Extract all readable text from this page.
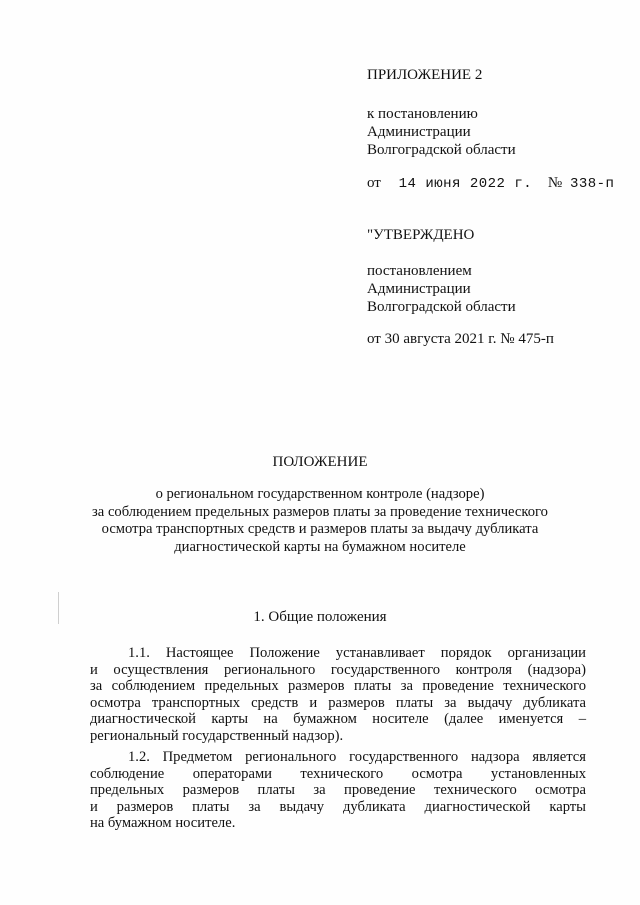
ПРИЛОЖЕНИЕ 2
к постановлению
Администрации
Волгоградской области
от 14 июня 2022 г. № 338-п
"УТВЕРЖДЕНО
постановлением
Администрации
Волгоградской области
от 30 августа 2021 г. № 475-п
ПОЛОЖЕНИЕ
о региональном государственном контроле (надзоре)
за соблюдением предельных размеров платы за проведение технического
осмотра транспортных средств и размеров платы за выдачу дубликата
диагностической карты на бумажном носителе
1. Общие положения
1.1. Настоящее Положение устанавливает порядок организации
и осуществления регионального государственного контроля (надзора)
за соблюдением предельных размеров платы за проведение технического
осмотра транспортных средств и размеров платы за выдачу дубликата
диагностической карты на бумажном носителе (далее именуется –
региональный государственный надзор).
1.2. Предметом регионального государственного надзора является
соблюдение операторами технического осмотра установленных
предельных размеров платы за проведение технического осмотра
и размеров платы за выдачу дубликата диагностической карты
на бумажном носителе.
